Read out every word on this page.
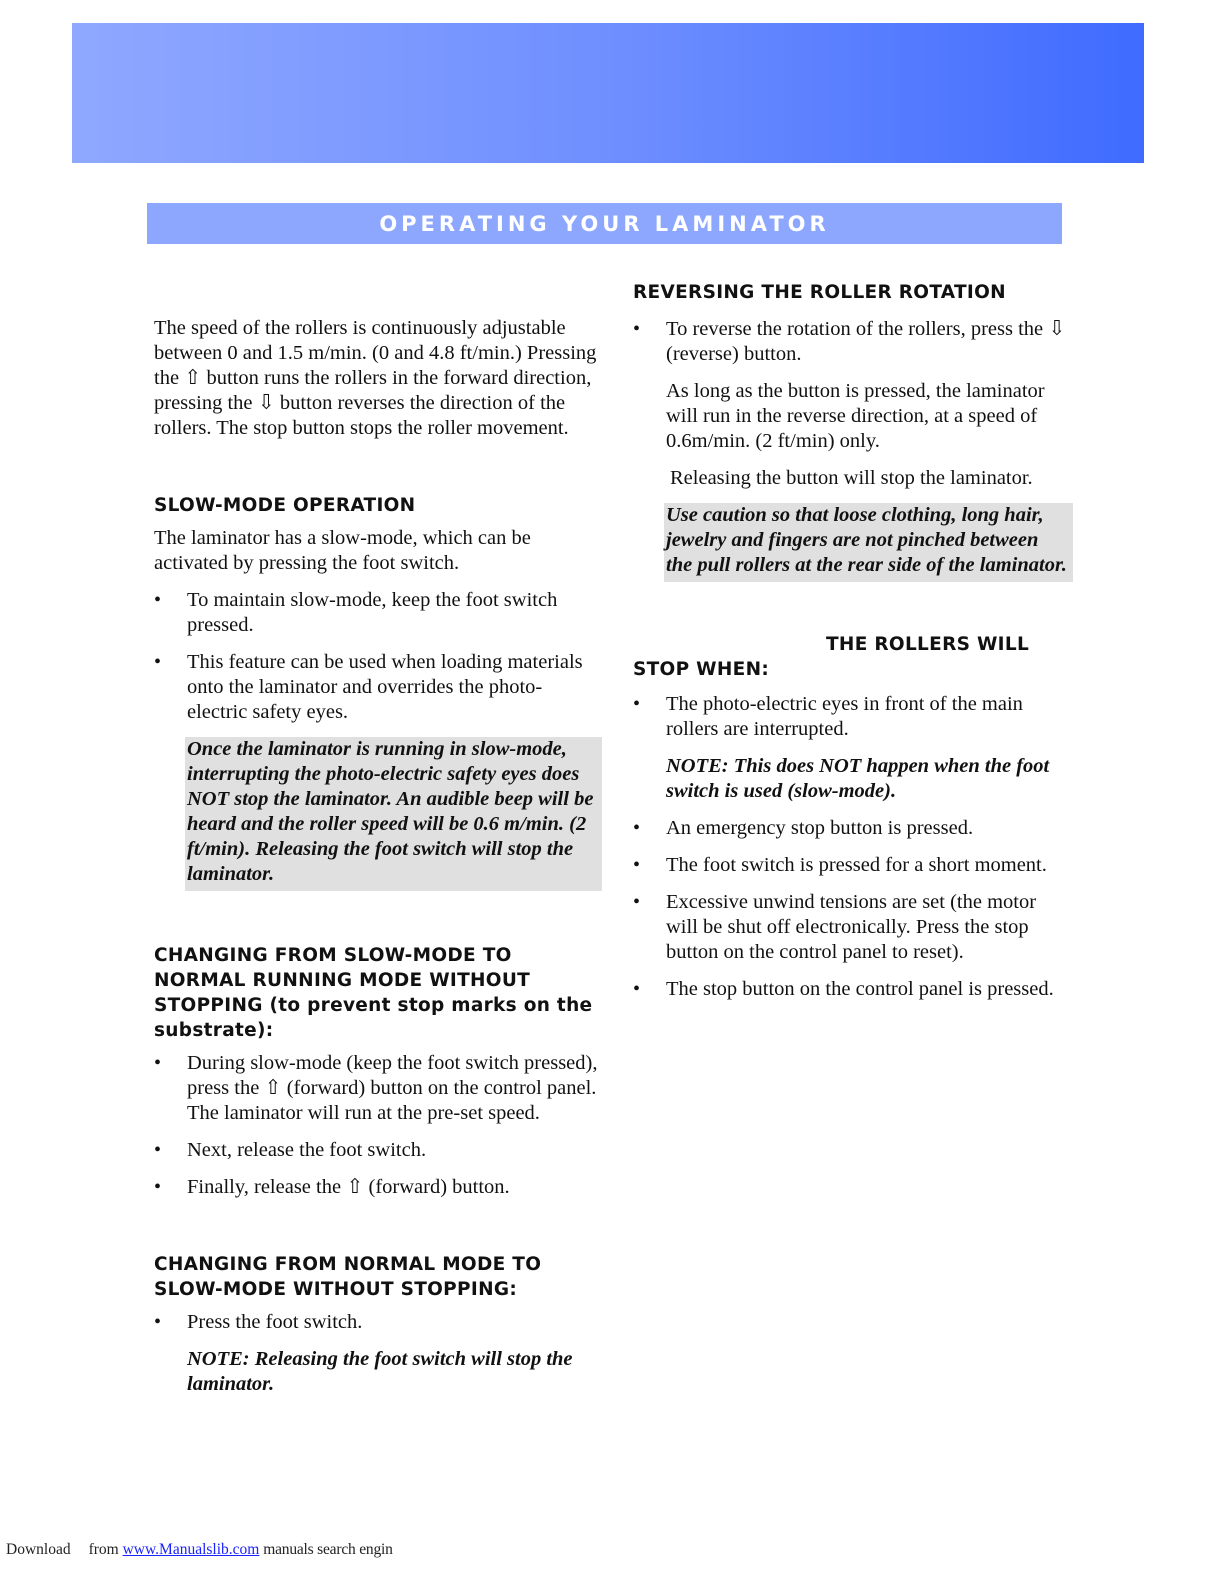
OPERATING YOUR LAMINATOR

The speed of the rollers is continuously adjustable between 0 and 1.5 m/min. (0 and 4.8 ft/min.) Pressing the ⇧ button runs the rollers in the forward direction, pressing the ⇩ button reverses the direction of the rollers. The stop button stops the roller movement.

SLOW-MODE OPERATION

The laminator has a slow-mode, which can be activated by pressing the foot switch.

• To maintain slow-mode, keep the foot switch pressed.
• This feature can be used when loading materials onto the laminator and overrides the photo-electric safety eyes.

Once the laminator is running in slow-mode, interrupting the photo-electric safety eyes does NOT stop the laminator. An audible beep will be heard and the roller speed will be 0.6 m/min. (2 ft/min). Releasing the foot switch will stop the laminator.

CHANGING FROM SLOW-MODE TO NORMAL RUNNING MODE WITHOUT STOPPING (to prevent stop marks on the substrate):
• During slow-mode (keep the foot switch pressed), press the ⇧ (forward) button on the control panel. The laminator will run at the pre-set speed.
• Next, release the foot switch.
• Finally, release the ⇧ (forward) button.
CHANGING FROM NORMAL MODE TO SLOW-MODE WITHOUT STOPPING:
• Press the foot switch.

NOTE: Releasing the foot switch will stop the laminator.

REVERSING THE ROLLER ROTATION
• To reverse the rotation of the rollers, press the ⇩ (reverse) button.

As long as the button is pressed, the laminator will run in the reverse direction, at a speed of 0.6m/min. (2 ft/min) only.

Releasing the button will stop the laminator.

Use caution so that loose clothing, long hair, jewelry and fingers are not pinched between the pull rollers at the rear side of the laminator.

THE ROLLERS WILL
STOP WHEN:
• The photo-electric eyes in front of the main rollers are interrupted.

NOTE: This does NOT happen when the foot switch is used (slow-mode).

• An emergency stop button is pressed.
• The foot switch is pressed for a short moment.
• Excessive unwind tensions are set (the motor will be shut off electronically. Press the stop button on the control panel to reset).
• The stop button on the control panel is pressed.
Download from www.Manualslib.com manuals search engin
